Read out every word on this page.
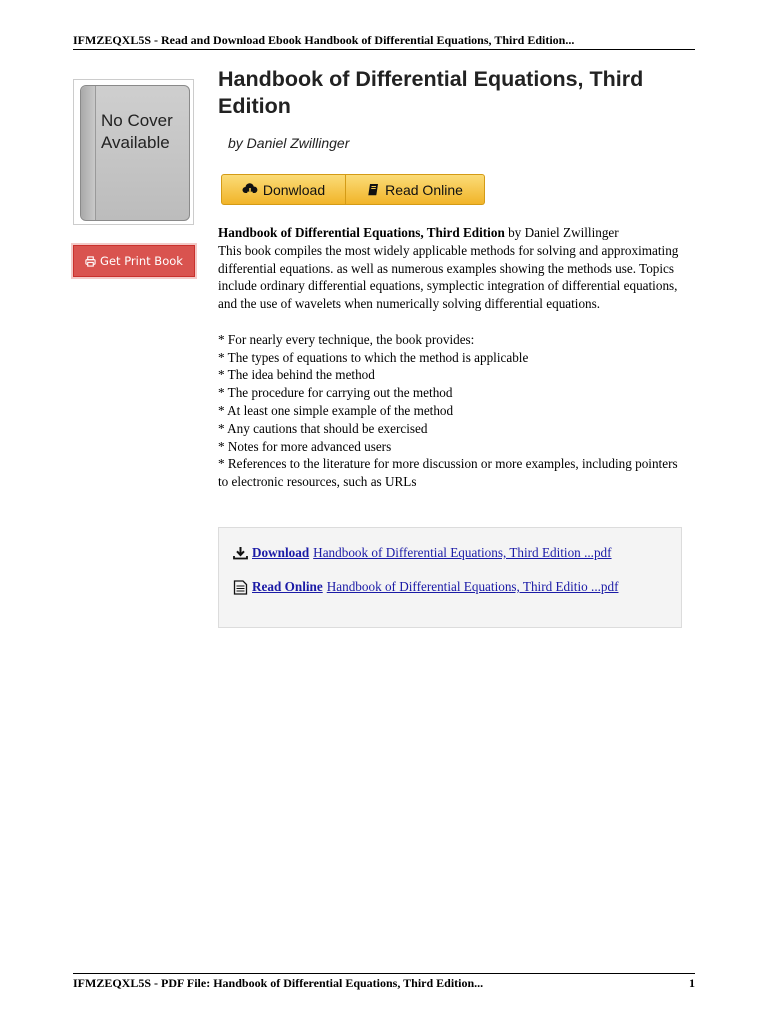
IFMZEQXL5S - Read and Download Ebook Handbook of Differential Equations, Third Edition...
No Cover
Available
Get Print Book
Handbook of Differential Equations, Third Edition
by Daniel Zwillinger
Donwload	Read Online

Handbook of Differential Equations, Third Edition by Daniel Zwillinger

This book compiles the most widely applicable methods for solving and approximating differential equations. as well as numerous examples showing the methods use. Topics include ordinary differential equations, symplectic integration of differential equations, and the use of wavelets when numerically solving differential equations.

* For nearly every technique, the book provides:

* The types of equations to which the method is applicable

* The idea behind the method

* The procedure for carrying out the method

* At least one simple example of the method

* Any cautions that should be exercised

* Notes for more advanced users

* References to the literature for more discussion or more examples, including pointers to electronic resources, such as URLs

Download Handbook of Differential Equations, Third Edition ...pdf
Read Online Handbook of Differential Equations, Third Editio ...pdf
IFMZEQXL5S - PDF File: Handbook of Differential Equations, Third Edition...	1
